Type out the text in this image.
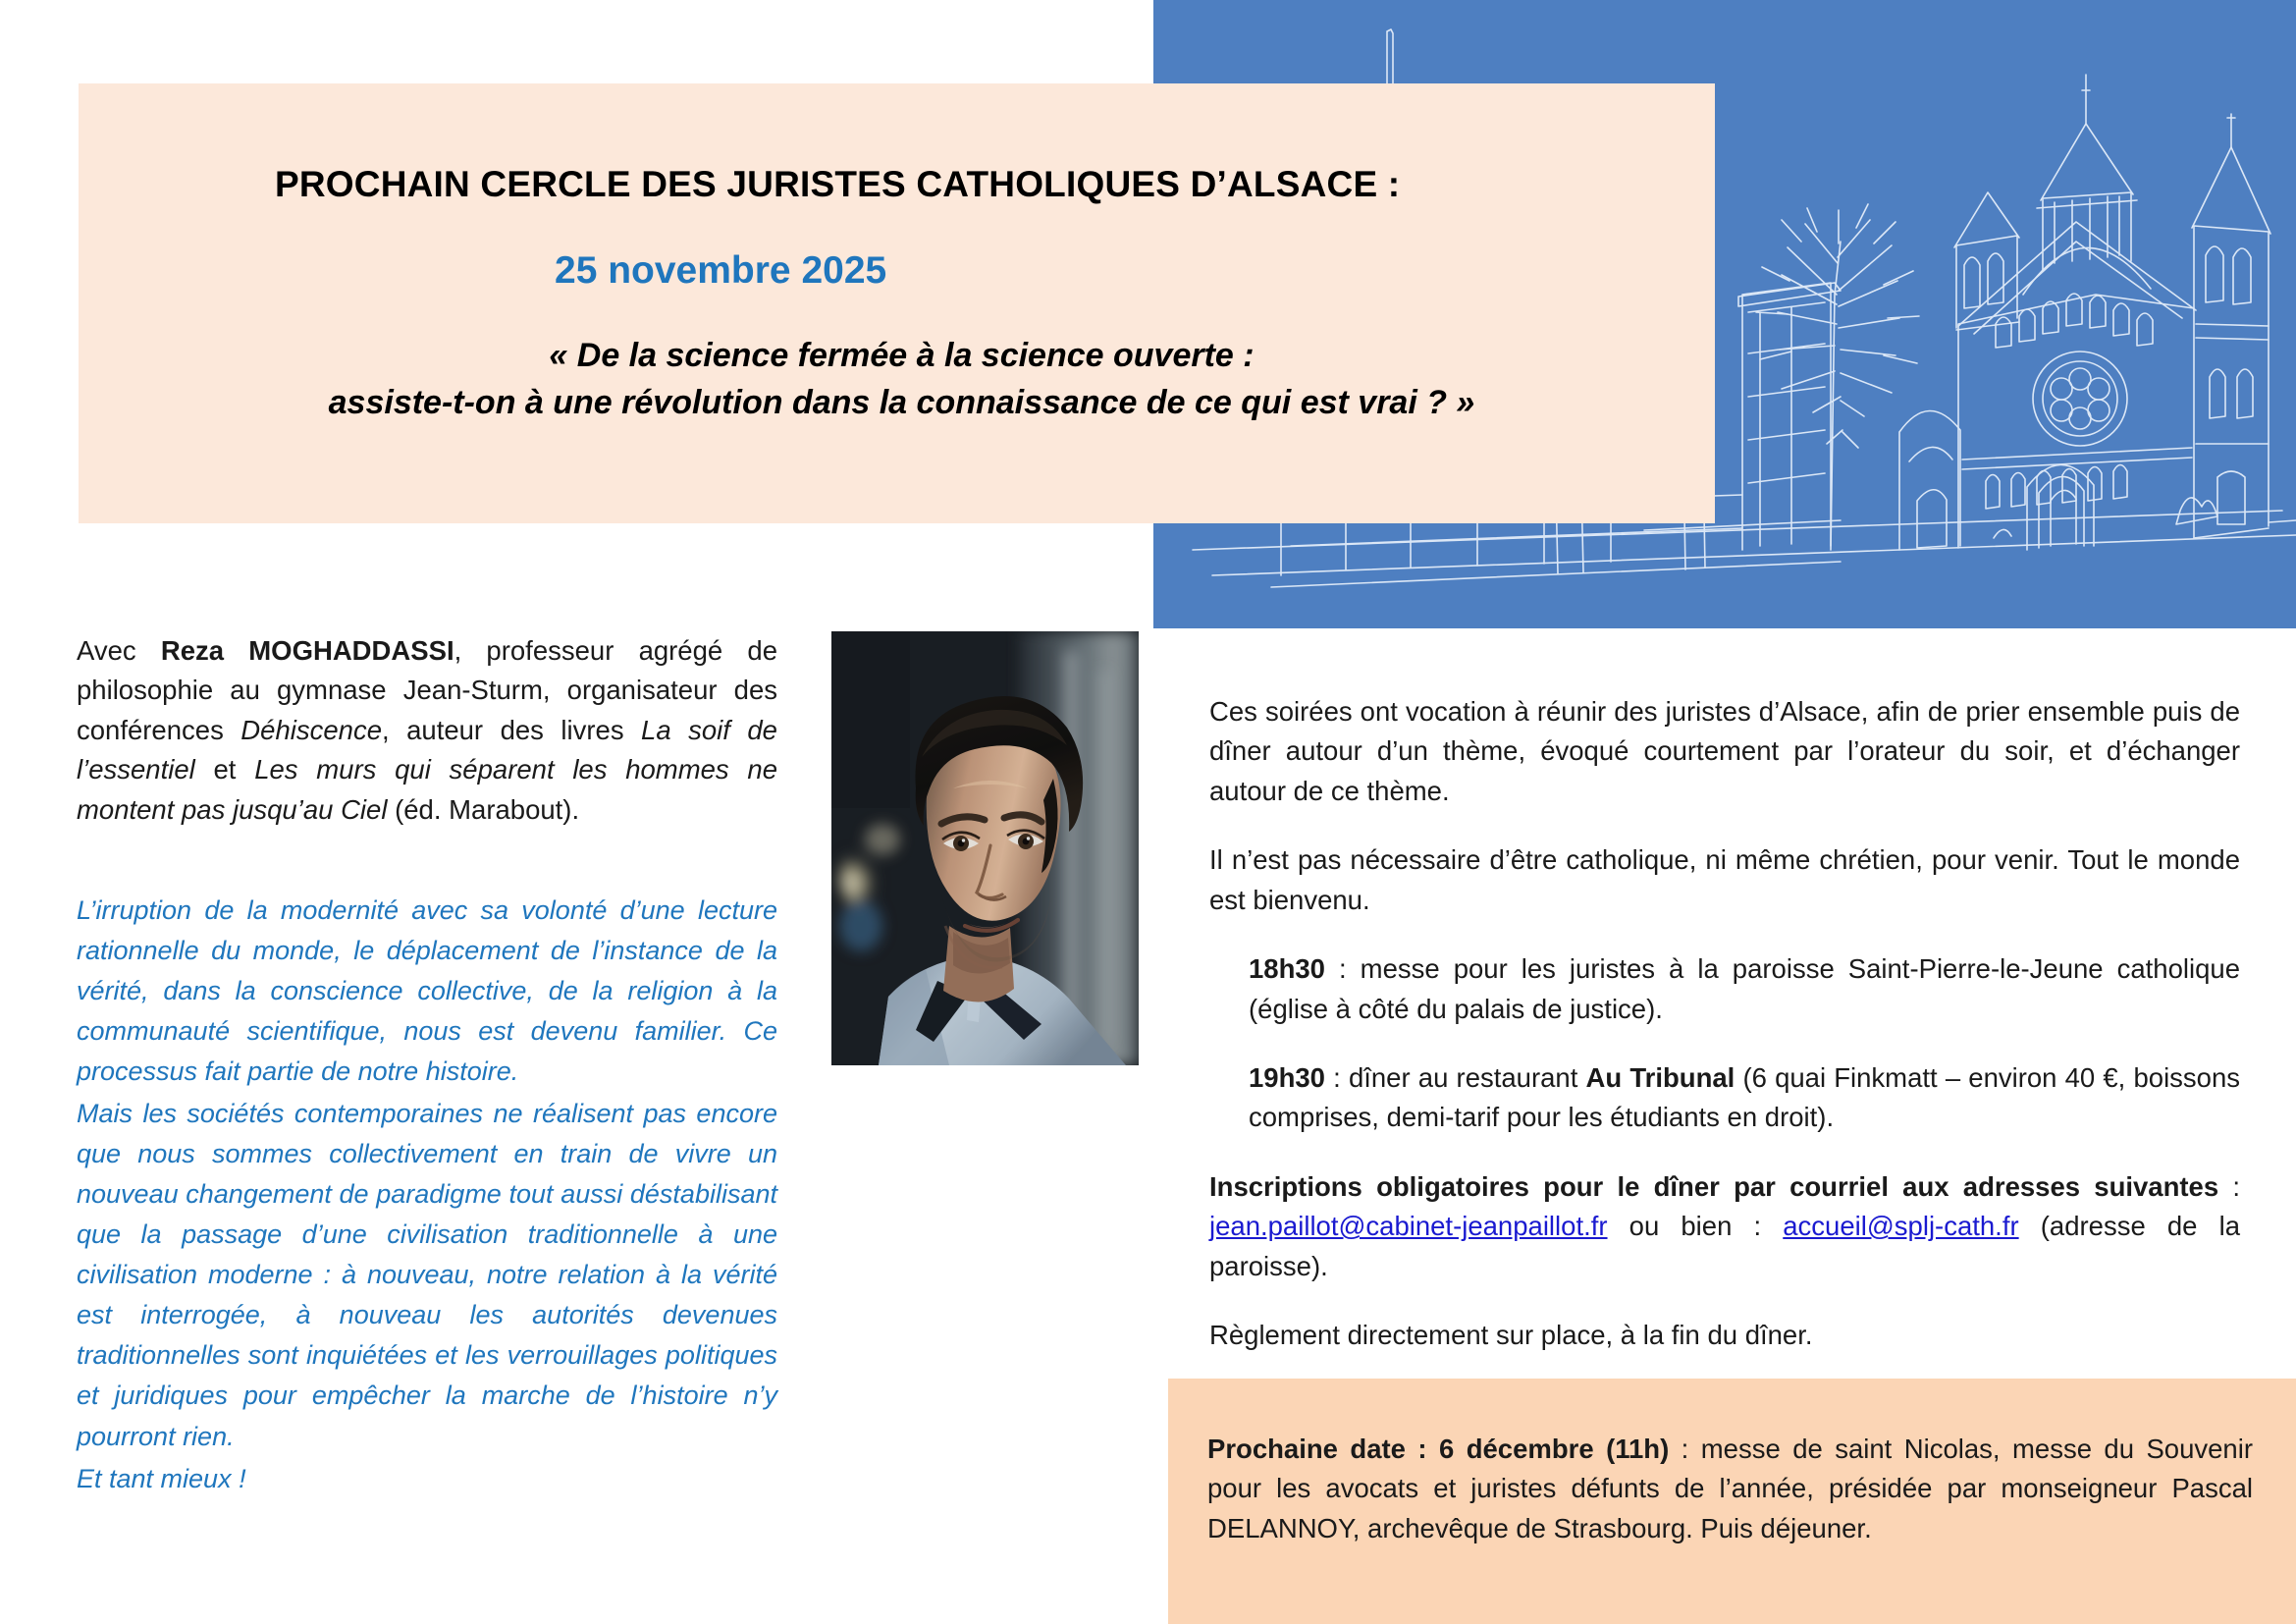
PROCHAIN CERCLE DES JURISTES CATHOLIQUES D’ALSACE :

25 novembre 2025

« De la science fermée à la science ouverte :
assiste-t-on à une révolution dans la connaissance de ce qui est vrai ? »

Avec Reza MOGHADDASSI, professeur agrégé de philosophie au gymnase Jean-Sturm, organisateur des conférences Déhiscence, auteur des livres La soif de l’essentiel et Les murs qui séparent les hommes ne montent pas jusqu’au Ciel (éd. Marabout).

L’irruption de la modernité avec sa volonté d’une lecture rationnelle du monde, le déplacement de l’instance de la vérité, dans la conscience collective, de la religion à la communauté scientifique, nous est devenu familier. Ce processus fait partie de notre histoire.

Mais les sociétés contemporaines ne réalisent pas encore que nous sommes collectivement en train de vivre un nouveau changement de paradigme tout aussi déstabilisant que la passage d’une civilisation traditionnelle à une civilisation moderne : à nouveau, notre relation à la vérité est interrogée, à nouveau les autorités devenues traditionnelles sont inquiétées et les verrouillages politiques et juridiques pour empêcher la marche de l’histoire n’y pourront rien.

Et tant mieux !

Ces soirées ont vocation à réunir des juristes d’Alsace, afin de prier ensemble puis de dîner autour d’un thème, évoqué courtement par l’orateur du soir, et d’échanger autour de ce thème.

Il n’est pas nécessaire d’être catholique, ni même chrétien, pour venir. Tout le monde est bienvenu.

18h30 : messe pour les juristes à la paroisse Saint-Pierre-le-Jeune catholique (église à côté du palais de justice).

19h30 : dîner au restaurant Au Tribunal (6 quai Finkmatt – environ 40 €, boissons comprises, demi-tarif pour les étudiants en droit).

Inscriptions obligatoires pour le dîner par courriel aux adresses suivantes : jean.paillot@cabinet-jeanpaillot.fr ou bien : accueil@splj-cath.fr (adresse de la paroisse).

Règlement directement sur place, à la fin du dîner.

Prochaine date : 6 décembre (11h) : messe de saint Nicolas, messe du Souvenir pour les avocats et juristes défunts de l’année, présidée par monseigneur Pascal DELANNOY, archevêque de Strasbourg. Puis déjeuner.
